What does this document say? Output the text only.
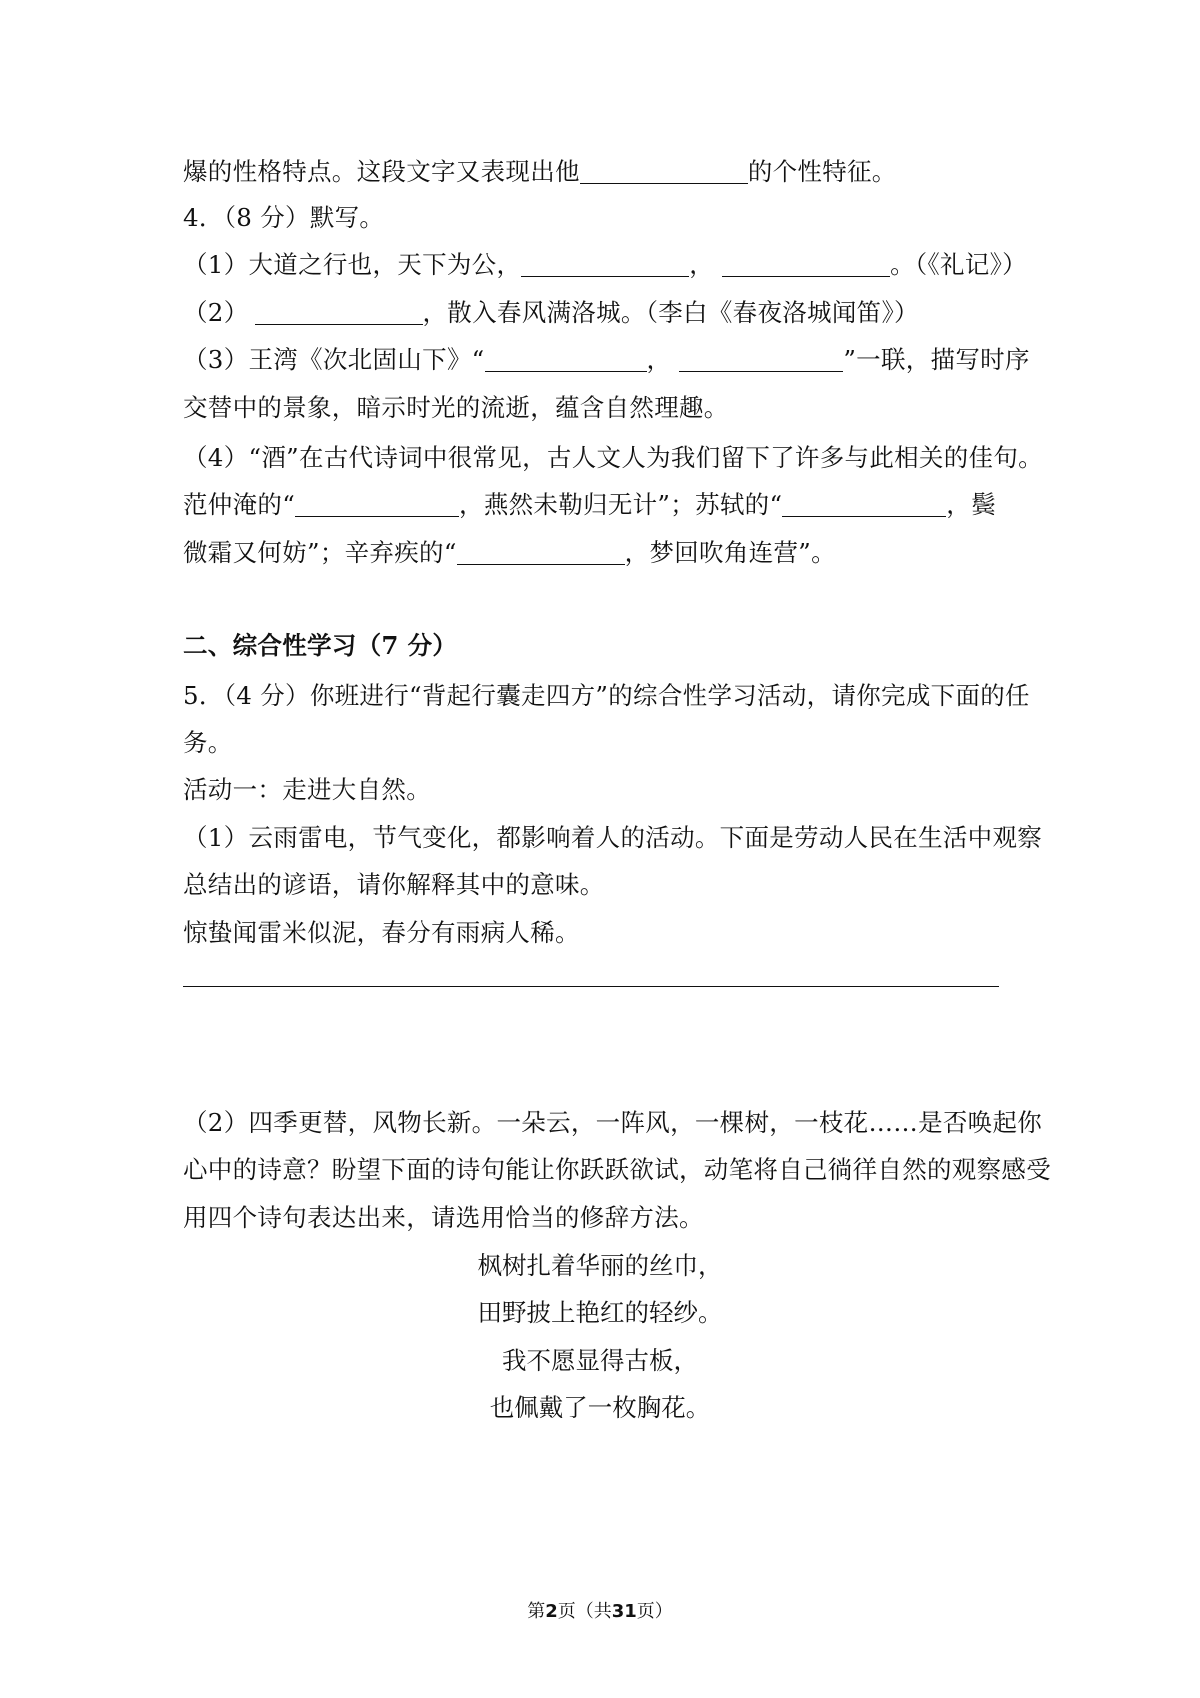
爆的性格特点。这段文字又表现出他	的个性特征。
4．（8 分）默写。
（1）大道之行也，天下为公，	，	。（《礼记》）
（2）	，散入春风满洛城。（李白《春夜洛城闻笛》）
（3）王湾《次北固山下》“	，	”一联，描写时序
交替中的景象，暗示时光的流逝，蕴含自然理趣。
（4）“酒”在古代诗词中很常见，古人文人为我们留下了许多与此相关的佳句。
范仲淹的“	，燕然未勒归无计”；苏轼的“	，鬓
微霜又何妨”；辛弃疾的“	，梦回吹角连营”。
二、综合性学习（7 分）
5．（4 分）你班进行“背起行囊走四方”的综合性学习活动，请你完成下面的任
务。
活动一：走进大自然。
（1）云雨雷电，节气变化，都影响着人的活动。下面是劳动人民在生活中观察
总结出的谚语，请你解释其中的意味。
惊蛰闻雷米似泥，春分有雨病人稀。
（2）四季更替，风物长新。一朵云，一阵风，一棵树，一枝花……是否唤起你
心中的诗意？盼望下面的诗句能让你跃跃欲试，动笔将自己徜徉自然的观察感受
用四个诗句表达出来，请选用恰当的修辞方法。
枫树扎着华丽的丝巾，
田野披上艳红的轻纱。
我不愿显得古板，
也佩戴了一枚胸花。
第2页（共31页）
